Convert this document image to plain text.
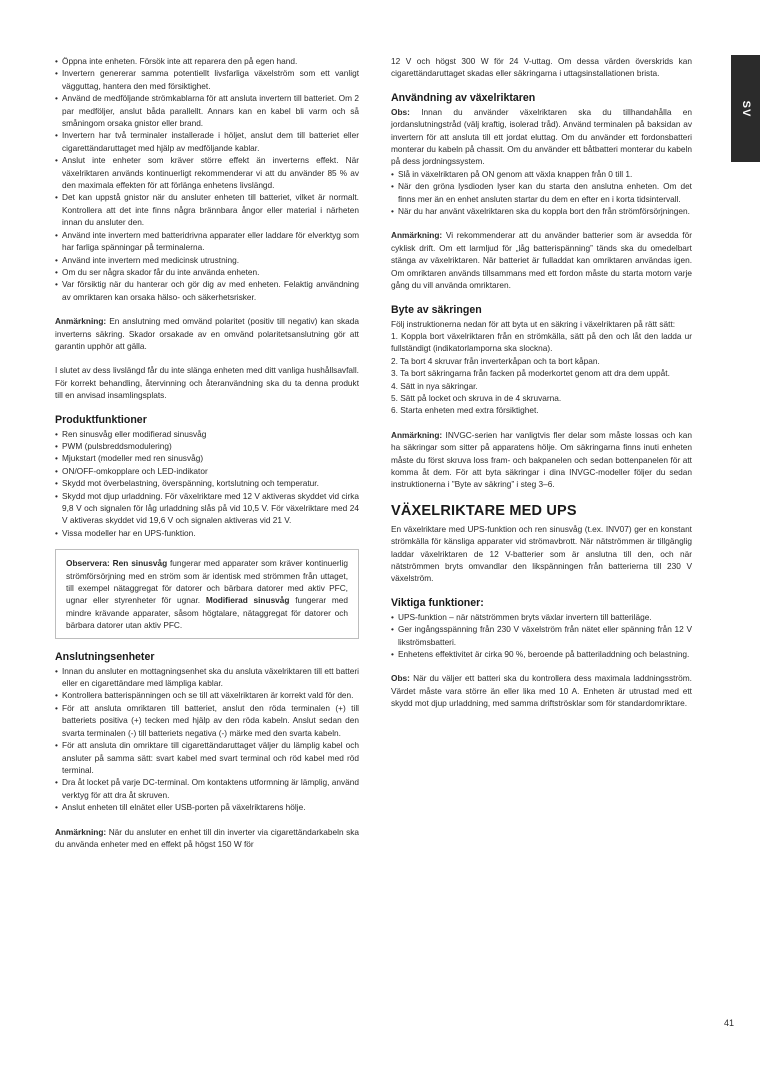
SV
• Öppna inte enheten. Försök inte att reparera den på egen hand.
• Invertern genererar samma potentiellt livsfarliga växelström som ett vanligt vägguttag, hantera den med försiktighet.
• Använd de medföljande strömkablarna för att ansluta invertern till batteriet. Om 2 par medföljer, anslut båda parallellt. Annars kan en kabel bli varm och så småningom orsaka gnistor eller brand.
• Invertern har två terminaler installerade i höljet, anslut dem till batteriet eller cigarettändaruttaget med hjälp av medföljande kablar.
• Anslut inte enheter som kräver större effekt än inverterns effekt. När växelriktaren används kontinuerligt rekommenderar vi att du använder 85 % av den maximala effekten för att förlänga enhetens livslängd.
• Det kan uppstå gnistor när du ansluter enheten till batteriet, vilket är normalt. Kontrollera att det inte finns några brännbara ångor eller material i närheten innan du ansluter den.
• Använd inte invertern med batteridrivna apparater eller laddare för elverktyg som har farliga spänningar på terminalerna.
• Använd inte invertern med medicinsk utrustning.
• Om du ser några skador får du inte använda enheten.
• Var försiktig när du hanterar och gör dig av med enheten. Felaktig användning av omriktaren kan orsaka hälso- och säkerhetsrisker.

Anmärkning: En anslutning med omvänd polaritet (positiv till negativ) kan skada inverterns säkring. Skador orsakade av en omvänd polaritetsanslutning gör att garantin upphör att gälla.

I slutet av dess livslängd får du inte slänga enheten med ditt vanliga hushållsavfall. För korrekt behandling, återvinning och återanvändning ska du ta denna produkt till en anvisad insamlingsplats.

Produktfunktioner
• Ren sinusvåg eller modifierad sinusvåg
• PWM (pulsbreddsmodulering)
• Mjukstart (modeller med ren sinusvåg)
• ON/OFF-omkopplare och LED-indikator
• Skydd mot överbelastning, överspänning, kortslutning och temperatur.
• Skydd mot djup urladdning. För växelriktare med 12 V aktiveras skyddet vid cirka 9,8 V och signalen för låg urladdning slås på vid 10,5 V. För växelriktare med 24 V aktiveras skyddet vid 19,6 V och signalen aktiveras vid 21 V.
• Vissa modeller har en UPS-funktion.

Observera: Ren sinusvåg fungerar med apparater som kräver kontinuerlig strömförsörjning med en ström som är identisk med strömmen från uttaget, till exempel nätaggregat för datorer och bärbara datorer med aktiv PFC, ugnar eller styrenheter för ugnar. Modifierad sinusvåg fungerar med mindre krävande apparater, såsom högtalare, nätaggregat för datorer och bärbara datorer utan aktiv PFC.

Anslutningsenheter
• Innan du ansluter en mottagningsenhet ska du ansluta växelriktaren till ett batteri eller en cigarettändare med lämpliga kablar.
• Kontrollera batterispänningen och se till att växelriktaren är korrekt vald för den.
• För att ansluta omriktaren till batteriet, anslut den röda terminalen (+) till batteriets positiva (+) tecken med hjälp av den röda kabeln. Anslut sedan den svarta terminalen (-) till batteriets negativa (-) märke med den svarta kabeln.
• För att ansluta din omriktare till cigarettändaruttaget väljer du lämplig kabel och ansluter på samma sätt: svart kabel med svart terminal och röd kabel med röd terminal.
• Dra åt locket på varje DC-terminal. Om kontaktens utformning är lämplig, använd verktyg för att dra åt skruven.
• Anslut enheten till elnätet eller USB-porten på växelriktarens hölje.

Anmärkning: När du ansluter en enhet till din inverter via cigarettändarkabeln ska du använda enheter med en effekt på högst 150 W för

12 V och högst 300 W för 24 V-uttag. Om dessa värden överskrids kan cigarettändaruttaget skadas eller säkringarna i uttagsinstallationen brista.

Användning av växelriktaren

Obs: Innan du använder växelriktaren ska du tillhandahålla en jordanslutningstråd (välj kraftig, isolerad tråd). Använd terminalen på baksidan av invertern för att ansluta till ett jordat eluttag. Om du använder ett fordonsbatteri monterar du kabeln på chassit. Om du använder ett båtbatteri monterar du kabeln på dess jordningssystem.

• Slå in växelriktaren på ON genom att växla knappen från 0 till 1.
• När den gröna lysdioden lyser kan du starta den anslutna enheten. Om det finns mer än en enhet ansluten startar du dem en efter en i korta tidsintervall.
• När du har använt växelriktaren ska du koppla bort den från strömförsörjningen.

Anmärkning: Vi rekommenderar att du använder batterier som är avsedda för cyklisk drift. Om ett larmljud för „låg batterispänning” tänds ska du omedelbart stänga av växelriktaren. När batteriet är fulladdat kan omriktaren användas igen. Om omriktaren används tillsammans med ett fordon måste du starta motorn varje gång du vill använda omriktaren.

Byte av säkringen

Följ instruktionerna nedan för att byta ut en säkring i växelriktaren på rätt sätt:

1. Koppla bort växelriktaren från en strömkälla, sätt på den och låt den ladda ur fullständigt (indikatorlamporna ska slockna).

2. Ta bort 4 skruvar från inverterkåpan och ta bort kåpan.

3. Ta bort säkringarna från facken på moderkortet genom att dra dem uppåt.

4. Sätt in nya säkringar.

5. Sätt på locket och skruva in de 4 skruvarna.

6. Starta enheten med extra försiktighet.

Anmärkning: INVGC-serien har vanligtvis fler delar som måste lossas och kan ha säkringar som sitter på apparatens hölje. Om säkringarna finns inuti enheten måste du först skruva loss fram- och bakpanelen och sedan bottenpanelen för att komma åt dem. För att byta säkringar i dina INVGC-modeller följer du sedan instruktionerna i ”Byte av säkring” i steg 3–6.

VÄXELRIKTARE MED UPS

En växelriktare med UPS-funktion och ren sinusvåg (t.ex. INV07) ger en konstant strömkälla för känsliga apparater vid strömavbrott. När nätströmmen är tillgänglig laddar växelriktaren de 12 V-batterier som är anslutna till den, och när nätströmmen bryts omvandlar den likspänningen från batterierna till 230 V växelström.

Viktiga funktioner:
• UPS-funktion – när nätströmmen bryts växlar invertern till batteriläge.
• Ger ingångsspänning från 230 V växelström från nätet eller spänning från 12 V likströmsbatteri.
• Enhetens effektivitet är cirka 90 %, beroende på batteriladdning och belastning.

Obs: När du väljer ett batteri ska du kontrollera dess maximala laddningsström. Värdet måste vara större än eller lika med 10 A. Enheten är utrustad med ett skydd mot djup urladdning, med samma driftströsklar som för standardomriktare.

41
